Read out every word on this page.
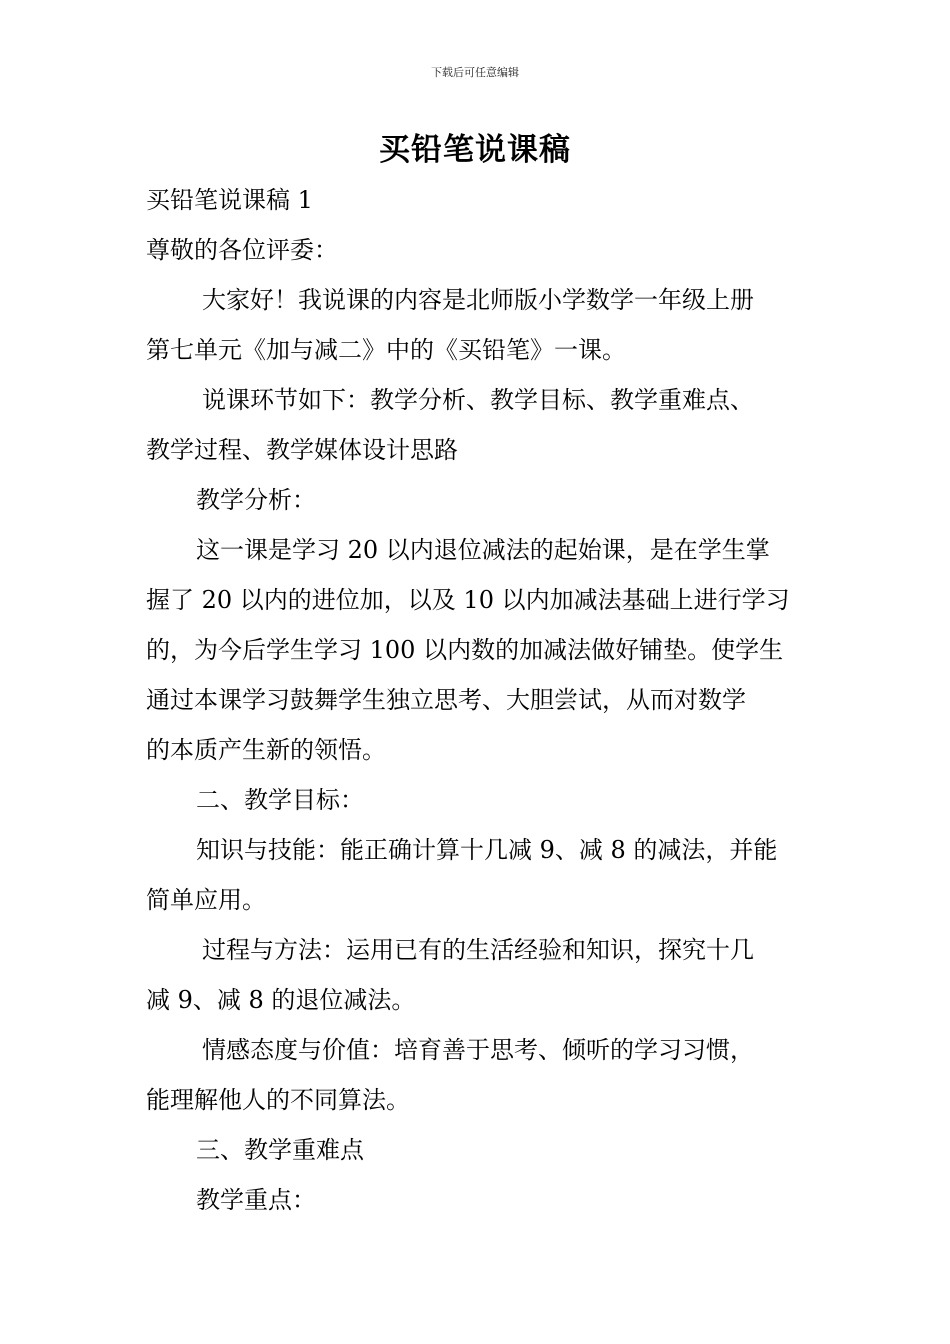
下载后可任意编辑
买铅笔说课稿
买铅笔说课稿 1
尊敬的各位评委：
大家好！我说课的内容是北师版小学数学一年级上册
第七单元《加与减二》中的《买铅笔》一课。
说课环节如下：教学分析、教学目标、教学重难点、
教学过程、教学媒体设计思路
教学分析：
这一课是学习 20 以内退位减法的起始课，是在学生掌
握了 20 以内的进位加，以及 10 以内加减法基础上进行学习
的，为今后学生学习 100 以内数的加减法做好铺垫。使学生
通过本课学习鼓舞学生独立思考、大胆尝试，从而对数学
的本质产生新的领悟。
二、教学目标：
知识与技能：能正确计算十几减 9、减 8 的减法，并能
简单应用。
过程与方法：运用已有的生活经验和知识，探究十几
减 9、减 8 的退位减法。
情感态度与价值：培育善于思考、倾听的学习习惯，
能理解他人的不同算法。
三、教学重难点
教学重点：
